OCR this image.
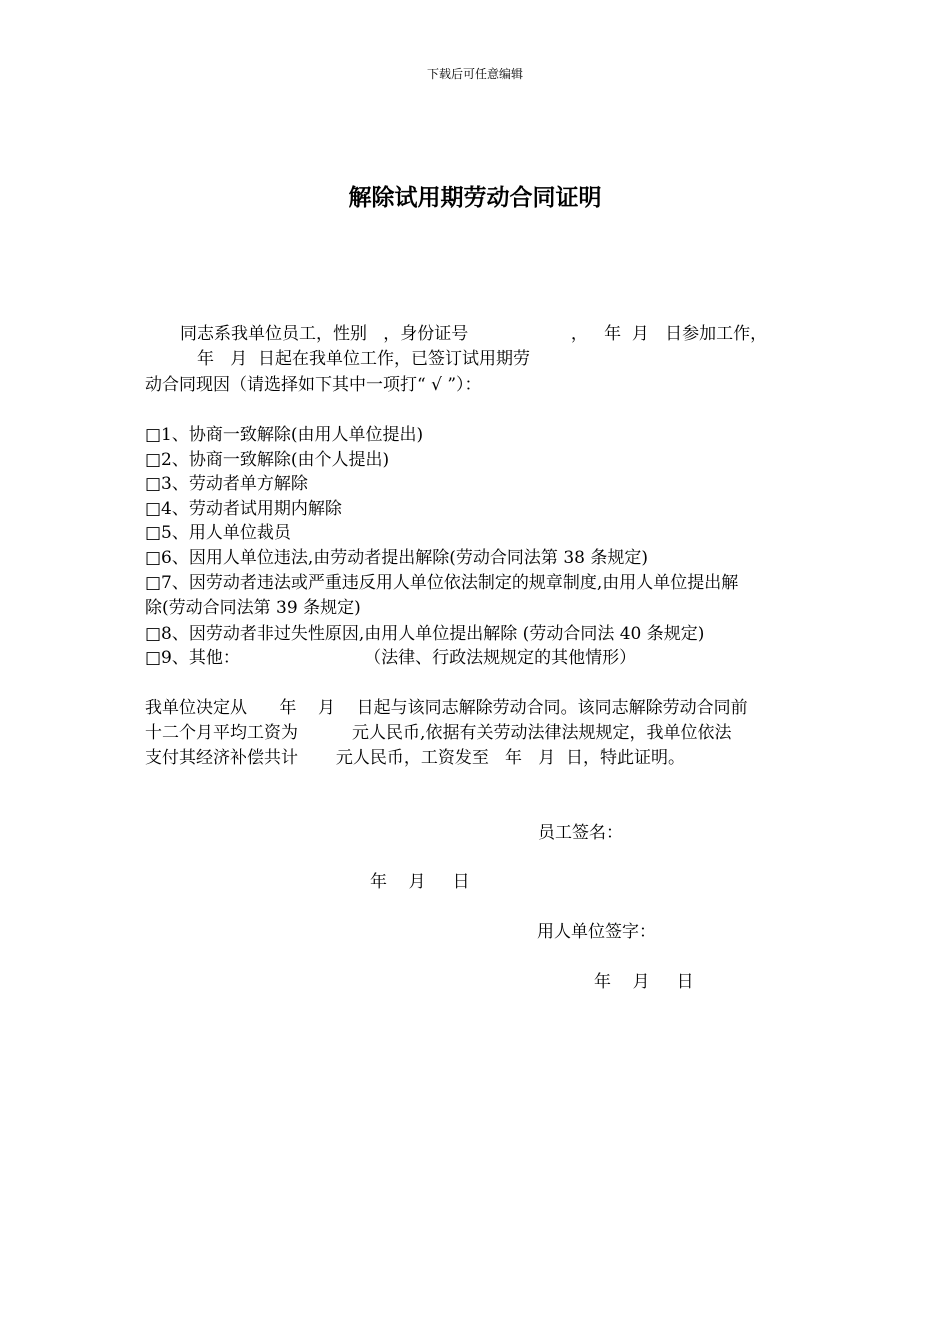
下载后可任意编辑
解除试用期劳动合同证明
同志系我单位员工，性别   ，身份证号                   ，   年  月   日参加工作，
年   月  日起在我单位工作，已签订试用期劳
动合同现因（请选择如下其中一项打“ √ ”）：
□1、协商一致解除(由用人单位提出)
□2、协商一致解除(由个人提出)
□3、劳动者单方解除
□4、劳动者试用期内解除
□5、用人单位裁员
□6、因用人单位违法,由劳动者提出解除(劳动合同法第 38 条规定)
□7、因劳动者违法或严重违反用人单位依法制定的规章制度,由用人单位提出解
除(劳动合同法第 39 条规定)
□8、因劳动者非过失性原因,由用人单位提出解除 (劳动合同法 40 条规定)
□9、其他：                       （法律、行政法规规定的其他情形）
我单位决定从      年    月    日起与该同志解除劳动合同。该同志解除劳动合同前
十二个月平均工资为          元人民币,依据有关劳动法律法规规定，我单位依法
支付其经济补偿共计       元人民币，工资发至   年   月  日，特此证明。
员工签名：
年    月     日
用人单位签字：
年    月     日
